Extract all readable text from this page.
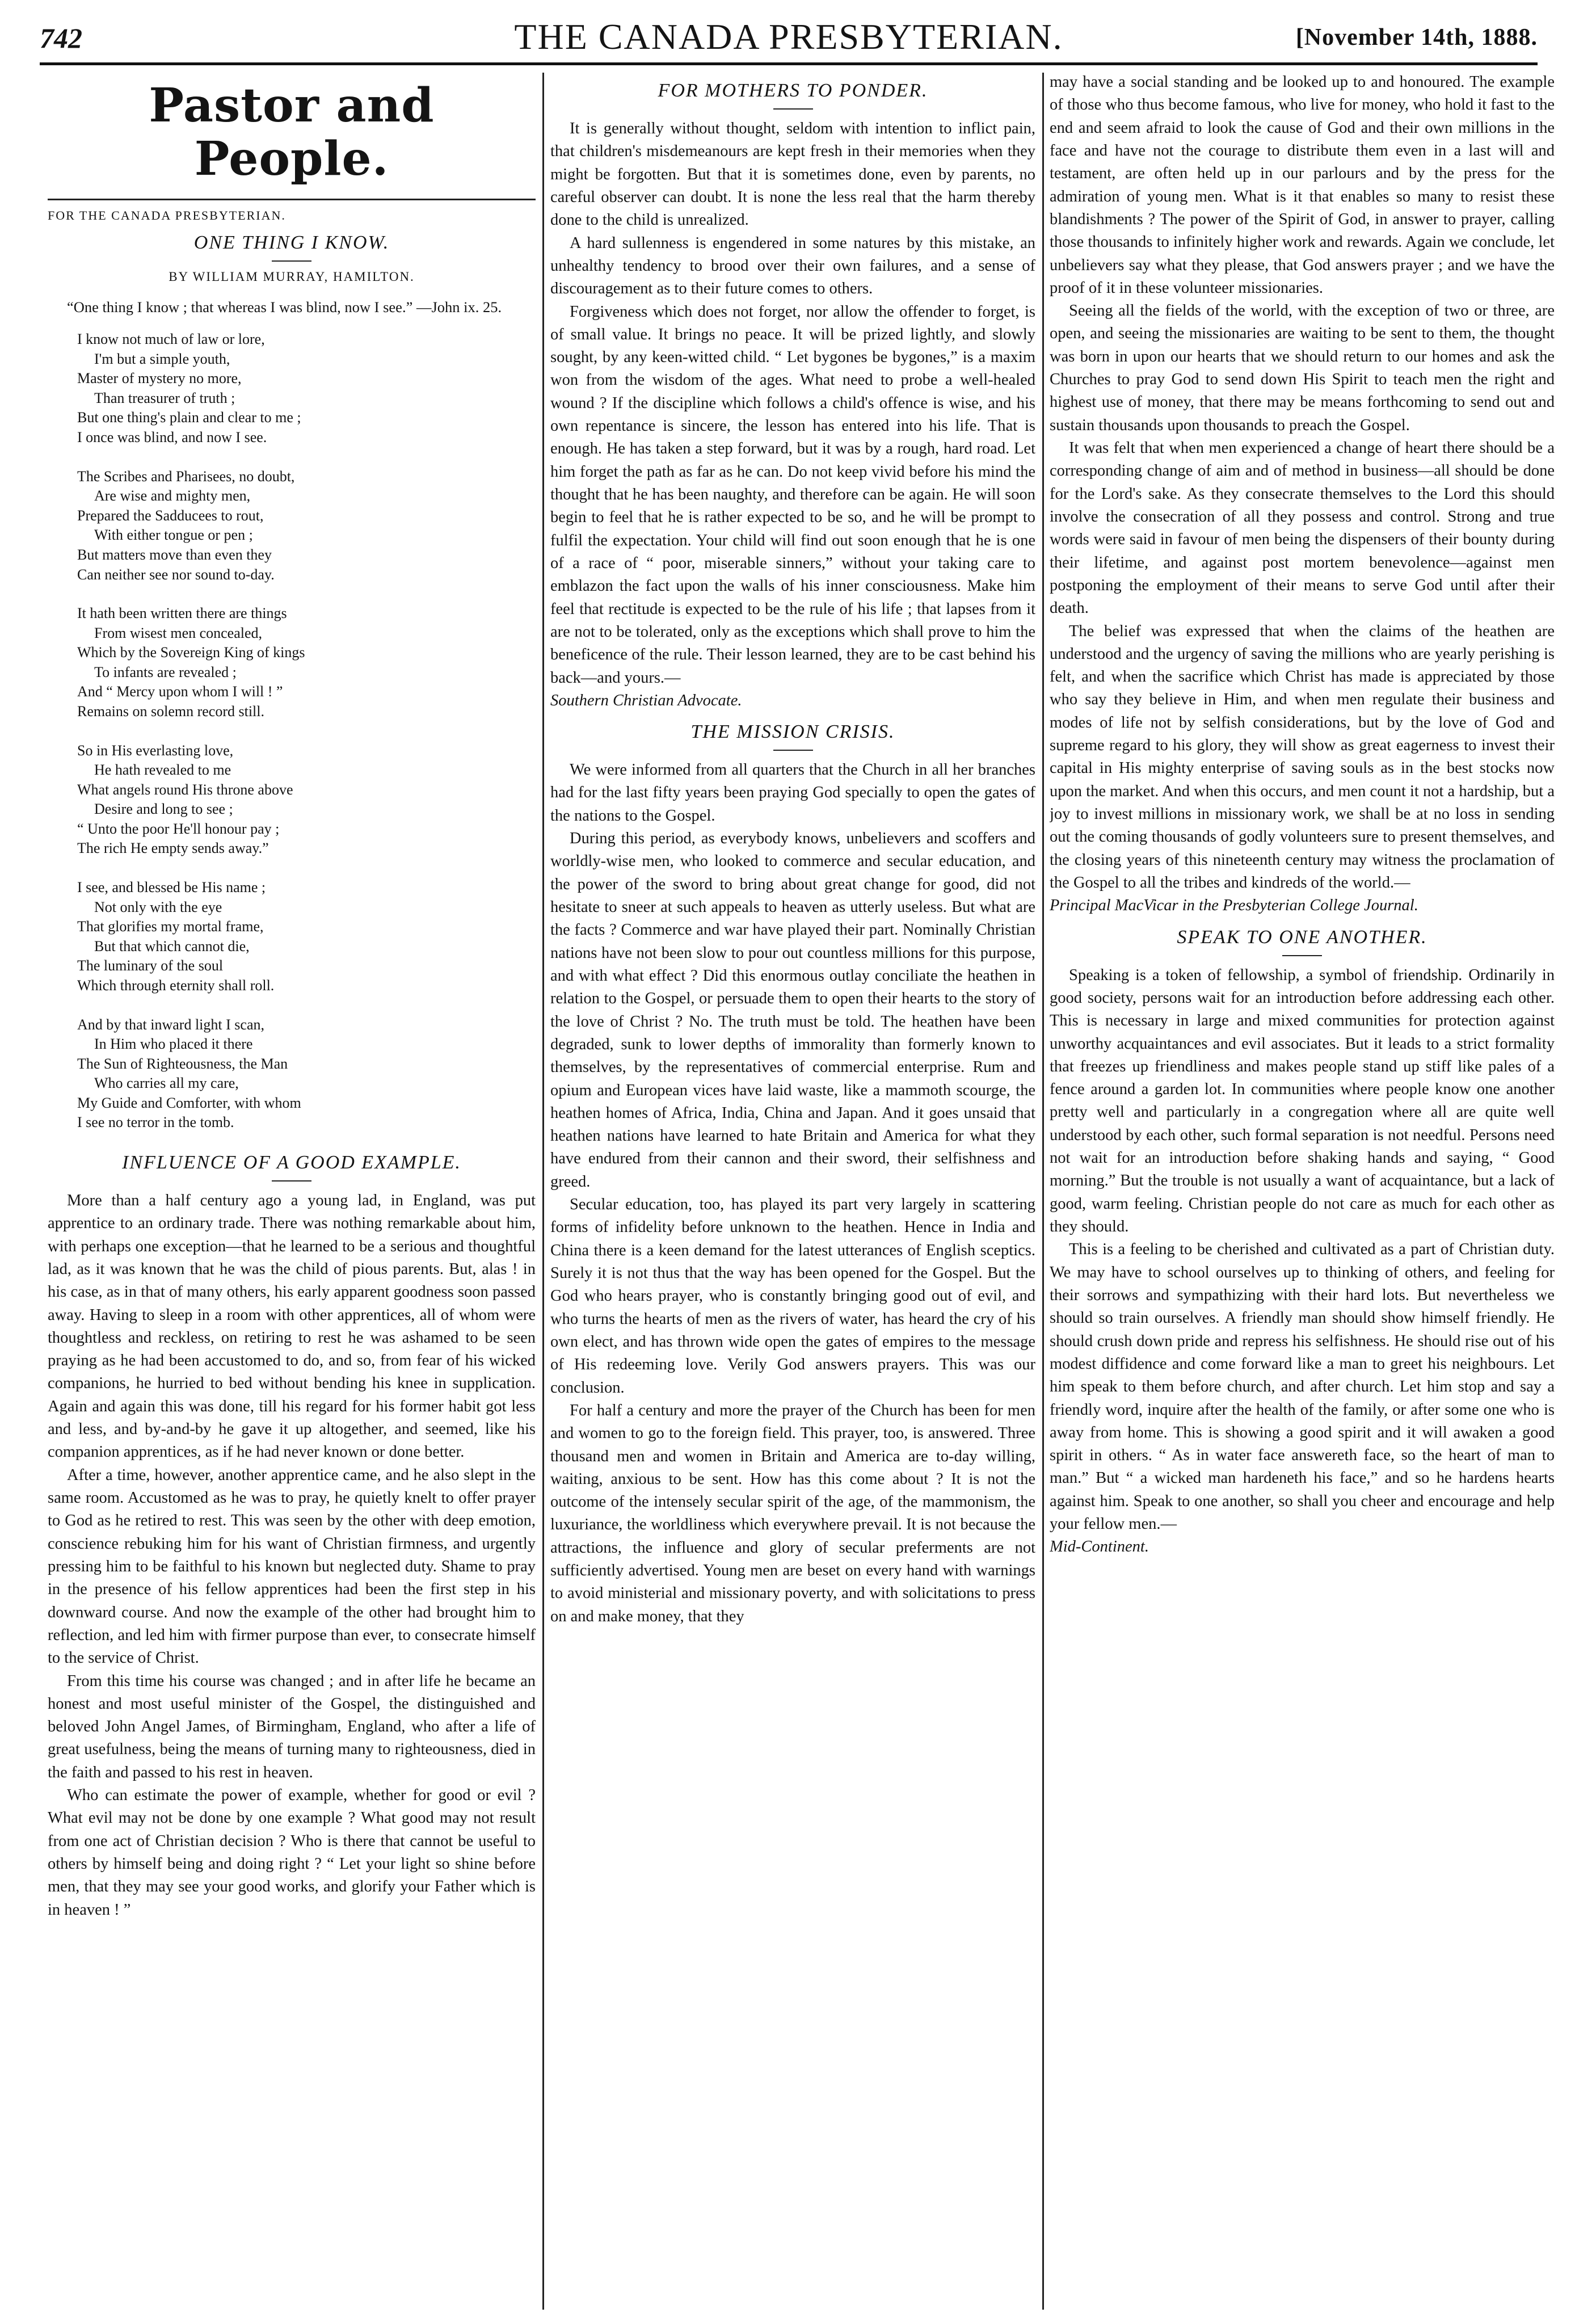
742	THE CANADA PRESBYTERIAN.	[November 14th, 1888.
Pastor and People.
FOR THE CANADA PRESBYTERIAN.
ONE THING I KNOW.
BY WILLIAM MURRAY, HAMILTON.

“One thing I know ; that whereas I was blind, now I see.” —John ix. 25.

I know not much of law or lore,
I'm but a simple youth,
Master of mystery no more,
Than treasurer of truth ;
But one thing's plain and clear to me ;
I once was blind, and now I see.
The Scribes and Pharisees, no doubt,
Are wise and mighty men,
Prepared the Sadducees to rout,
With either tongue or pen ;
But matters move than even they
Can neither see nor sound to-day.
It hath been written there are things
From wisest men concealed,
Which by the Sovereign King of kings
To infants are revealed ;
And “ Mercy upon whom I will ! ”
Remains on solemn record still.
So in His everlasting love,
He hath revealed to me
What angels round His throne above
Desire and long to see ;
“ Unto the poor He'll honour pay ;
The rich He empty sends away.”
I see, and blessed be His name ;
Not only with the eye
That glorifies my mortal frame,
But that which cannot die,
The luminary of the soul
Which through eternity shall roll.
And by that inward light I scan,
In Him who placed it there
The Sun of Righteousness, the Man
Who carries all my care,
My Guide and Comforter, with whom
I see no terror in the tomb.
INFLUENCE OF A GOOD EXAMPLE.

More than a half century ago a young lad, in England, was put apprentice to an ordinary trade. There was nothing remarkable about him, with perhaps one exception—that he learned to be a serious and thoughtful lad, as it was known that he was the child of pious parents. But, alas ! in his case, as in that of many others, his early apparent goodness soon passed away. Having to sleep in a room with other apprentices, all of whom were thoughtless and reckless, on retiring to rest he was ashamed to be seen praying as he had been accustomed to do, and so, from fear of his wicked companions, he hurried to bed without bending his knee in supplication. Again and again this was done, till his regard for his former habit got less and less, and by-and-by he gave it up altogether, and seemed, like his companion apprentices, as if he had never known or done better.

After a time, however, another apprentice came, and he also slept in the same room. Accustomed as he was to pray, he quietly knelt to offer prayer to God as he retired to rest. This was seen by the other with deep emotion, conscience rebuking him for his want of Christian firmness, and urgently pressing him to be faithful to his known but neglected duty. Shame to pray in the presence of his fellow apprentices had been the first step in his downward course. And now the example of the other had brought him to reflection, and led him with firmer purpose than ever, to consecrate himself to the service of Christ.

From this time his course was changed ; and in after life he became an honest and most useful minister of the Gospel, the distinguished and beloved John Angel James, of Birmingham, England, who after a life of great usefulness, being the means of turning many to righteousness, died in the faith and passed to his rest in heaven.

Who can estimate the power of example, whether for good or evil ? What evil may not be done by one example ? What good may not result from one act of Christian decision ? Who is there that cannot be useful to others by himself being and doing right ? “ Let your light so shine before men, that they may see your good works, and glorify your Father which is in heaven ! ”

FOR MOTHERS TO PONDER.

It is generally without thought, seldom with intention to inflict pain, that children's misdemeanours are kept fresh in their memories when they might be forgotten. But that it is sometimes done, even by parents, no careful observer can doubt. It is none the less real that the harm thereby done to the child is unrealized.

A hard sullenness is engendered in some natures by this mistake, an unhealthy tendency to brood over their own failures, and a sense of discouragement as to their future comes to others.

Forgiveness which does not forget, nor allow the offender to forget, is of small value. It brings no peace. It will be prized lightly, and slowly sought, by any keen-witted child. “ Let bygones be bygones,” is a maxim won from the wisdom of the ages. What need to probe a well-healed wound ? If the discipline which follows a child's offence is wise, and his own repentance is sincere, the lesson has entered into his life. That is enough. He has taken a step forward, but it was by a rough, hard road. Let him forget the path as far as he can. Do not keep vivid before his mind the thought that he has been naughty, and therefore can be again. He will soon begin to feel that he is rather expected to be so, and he will be prompt to fulfil the expectation. Your child will find out soon enough that he is one of a race of “ poor, miserable sinners,” without your taking care to emblazon the fact upon the walls of his inner consciousness. Make him feel that rectitude is expected to be the rule of his life ; that lapses from it are not to be tolerated, only as the exceptions which shall prove to him the beneficence of the rule. Their lesson learned, they are to be cast behind his back—and yours.—

Southern Christian Advocate.

THE MISSION CRISIS.

We were informed from all quarters that the Church in all her branches had for the last fifty years been praying God specially to open the gates of the nations to the Gospel.

During this period, as everybody knows, unbelievers and scoffers and worldly-wise men, who looked to commerce and secular education, and the power of the sword to bring about great change for good, did not hesitate to sneer at such appeals to heaven as utterly useless. But what are the facts ? Commerce and war have played their part. Nominally Christian nations have not been slow to pour out countless millions for this purpose, and with what effect ? Did this enormous outlay conciliate the heathen in relation to the Gospel, or persuade them to open their hearts to the story of the love of Christ ? No. The truth must be told. The heathen have been degraded, sunk to lower depths of immorality than formerly known to themselves, by the representatives of commercial enterprise. Rum and opium and European vices have laid waste, like a mammoth scourge, the heathen homes of Africa, India, China and Japan. And it goes unsaid that heathen nations have learned to hate Britain and America for what they have endured from their cannon and their sword, their selfishness and greed.

Secular education, too, has played its part very largely in scattering forms of infidelity before unknown to the heathen. Hence in India and China there is a keen demand for the latest utterances of English sceptics. Surely it is not thus that the way has been opened for the Gospel. But the God who hears prayer, who is constantly bringing good out of evil, and who turns the hearts of men as the rivers of water, has heard the cry of his own elect, and has thrown wide open the gates of empires to the message of His redeeming love. Verily God answers prayers. This was our conclusion.

For half a century and more the prayer of the Church has been for men and women to go to the foreign field. This prayer, too, is answered. Three thousand men and women in Britain and America are to-day willing, waiting, anxious to be sent. How has this come about ? It is not the outcome of the intensely secular spirit of the age, of the mammonism, the luxuriance, the worldliness which everywhere prevail. It is not because the attractions, the influence and glory of secular preferments are not sufficiently advertised. Young men are beset on every hand with warnings to avoid ministerial and missionary poverty, and with solicitations to press on and make money, that they

may have a social standing and be looked up to and honoured. The example of those who thus become famous, who live for money, who hold it fast to the end and seem afraid to look the cause of God and their own millions in the face and have not the courage to distribute them even in a last will and testament, are often held up in our parlours and by the press for the admiration of young men. What is it that enables so many to resist these blandishments ? The power of the Spirit of God, in answer to prayer, calling those thousands to infinitely higher work and rewards. Again we conclude, let unbelievers say what they please, that God answers prayer ; and we have the proof of it in these volunteer missionaries.

Seeing all the fields of the world, with the exception of two or three, are open, and seeing the missionaries are waiting to be sent to them, the thought was born in upon our hearts that we should return to our homes and ask the Churches to pray God to send down His Spirit to teach men the right and highest use of money, that there may be means forthcoming to send out and sustain thousands upon thousands to preach the Gospel.

It was felt that when men experienced a change of heart there should be a corresponding change of aim and of method in business—all should be done for the Lord's sake. As they consecrate themselves to the Lord this should involve the consecration of all they possess and control. Strong and true words were said in favour of men being the dispensers of their bounty during their lifetime, and against post mortem benevolence—against men postponing the employment of their means to serve God until after their death.

The belief was expressed that when the claims of the heathen are understood and the urgency of saving the millions who are yearly perishing is felt, and when the sacrifice which Christ has made is appreciated by those who say they believe in Him, and when men regulate their business and modes of life not by selfish considerations, but by the love of God and supreme regard to his glory, they will show as great eagerness to invest their capital in His mighty enterprise of saving souls as in the best stocks now upon the market. And when this occurs, and men count it not a hardship, but a joy to invest millions in missionary work, we shall be at no loss in sending out the coming thousands of godly volunteers sure to present themselves, and the closing years of this nineteenth century may witness the proclamation of the Gospel to all the tribes and kindreds of the world.—

Principal MacVicar in the Presbyterian College Journal.

SPEAK TO ONE ANOTHER.

Speaking is a token of fellowship, a symbol of friendship. Ordinarily in good society, persons wait for an introduction before addressing each other. This is necessary in large and mixed communities for protection against unworthy acquaintances and evil associates. But it leads to a strict formality that freezes up friendliness and makes people stand up stiff like pales of a fence around a garden lot. In communities where people know one another pretty well and particularly in a congregation where all are quite well understood by each other, such formal separation is not needful. Persons need not wait for an introduction before shaking hands and saying, “ Good morning.” But the trouble is not usually a want of acquaintance, but a lack of good, warm feeling. Christian people do not care as much for each other as they should.

This is a feeling to be cherished and cultivated as a part of Christian duty. We may have to school ourselves up to thinking of others, and feeling for their sorrows and sympathizing with their hard lots. But nevertheless we should so train ourselves. A friendly man should show himself friendly. He should crush down pride and repress his selfishness. He should rise out of his modest diffidence and come forward like a man to greet his neighbours. Let him speak to them before church, and after church. Let him stop and say a friendly word, inquire after the health of the family, or after some one who is away from home. This is showing a good spirit and it will awaken a good spirit in others. “ As in water face answereth face, so the heart of man to man.” But “ a wicked man hardeneth his face,” and so he hardens hearts against him. Speak to one another, so shall you cheer and encourage and help your fellow men.—

Mid-Continent.
